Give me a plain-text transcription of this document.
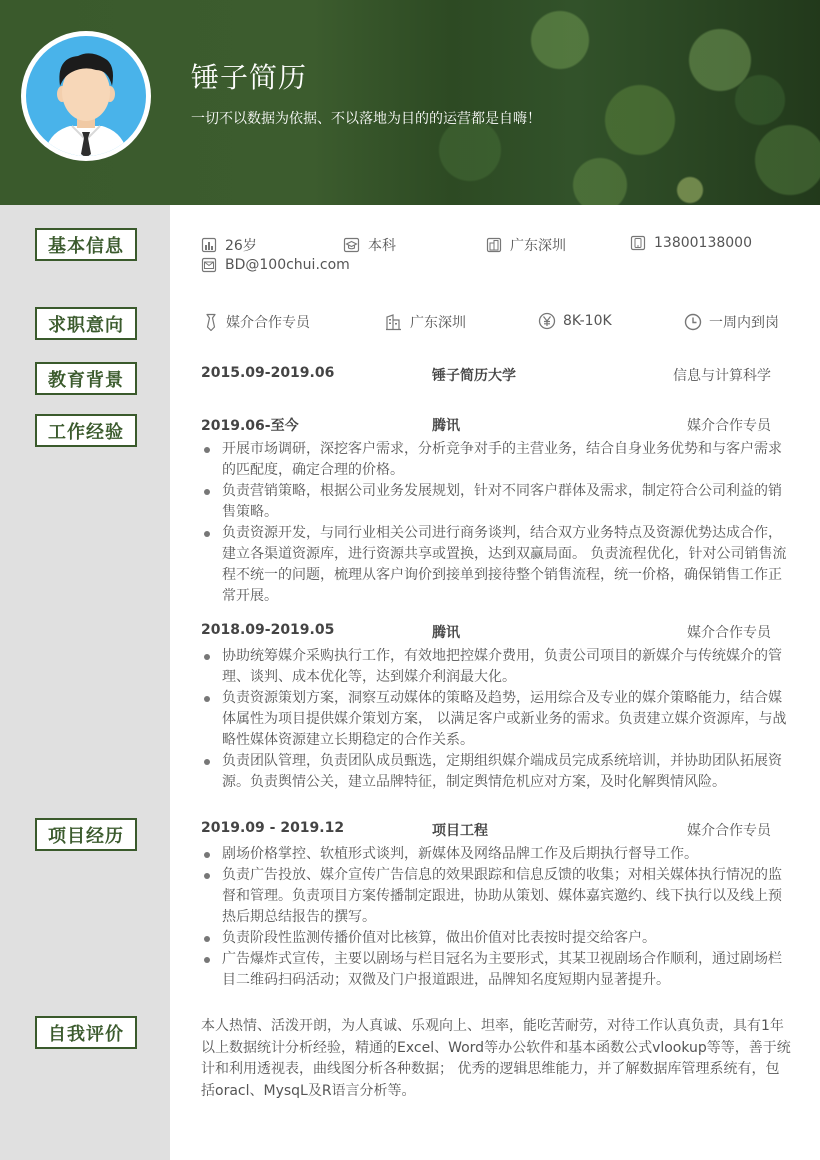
锤子简历
一切不以数据为依据、不以落地为目的的运营都是自嗨！
基本信息
求职意向
教育背景
工作经验
项目经历
自我评价
26岁	本科	广东深圳	13800138000
BD@100chui.com
媒介合作专员	广东深圳	8K-10K	一周内到岗
2015.09-2019.06	锤子简历大学	信息与计算科学
2019.06-至今	腾讯	媒介合作专员
开展市场调研，深挖客户需求，分析竞争对手的主营业务，结合自身业务优势和与客户需求的匹配度，确定合理的价格。
负责营销策略，根据公司业务发展规划，针对不同客户群体及需求，制定符合公司利益的销售策略。
负责资源开发，与同行业相关公司进行商务谈判，结合双方业务特点及资源优势达成合作，建立各渠道资源库，进行资源共享或置换，达到双赢局面。 负责流程优化，针对公司销售流程不统一的问题，梳理从客户询价到接单到接待整个销售流程，统一价格，确保销售工作正常开展。
2018.09-2019.05	腾讯	媒介合作专员
协助统筹媒介采购执行工作，有效地把控媒介费用，负责公司项目的新媒介与传统媒介的管理、谈判、成本优化等，达到媒介利润最大化。
负责资源策划方案，洞察互动媒体的策略及趋势，运用综合及专业的媒介策略能力，结合媒体属性为项目提供媒介策划方案， 以满足客户或新业务的需求。负责建立媒介资源库，与战略性媒体资源建立长期稳定的合作关系。
负责团队管理，负责团队成员甄选，定期组织媒介端成员完成系统培训，并协助团队拓展资源。负责舆情公关，建立品牌特征，制定舆情危机应对方案，及时化解舆情风险。
2019.09 - 2019.12	项目工程	媒介合作专员
剧场价格掌控、软植形式谈判，新媒体及网络品牌工作及后期执行督导工作。
负责广告投放、媒介宣传广告信息的效果跟踪和信息反馈的收集；对相关媒体执行情况的监督和管理。负责项目方案传播制定跟进，协助从策划、媒体嘉宾邀约、线下执行以及线上预热后期总结报告的撰写。
负责阶段性监测传播价值对比核算，做出价值对比表按时提交给客户。
广告爆炸式宣传，主要以剧场与栏目冠名为主要形式，其某卫视剧场合作顺利，通过剧场栏目二维码扫码活动；双微及门户报道跟进，品牌知名度短期内显著提升。
本人热情、活泼开朗，为人真诚、乐观向上、坦率，能吃苦耐劳，对待工作认真负责，具有1年以上数据统计分析经验，精通的Excel、Word等办公软件和基本函数公式vlookup等等，善于统计和利用透视表，曲线图分析各种数据； 优秀的逻辑思维能力，并了解数据库管理系统有，包括oracl、MysqL及R语言分析等。
